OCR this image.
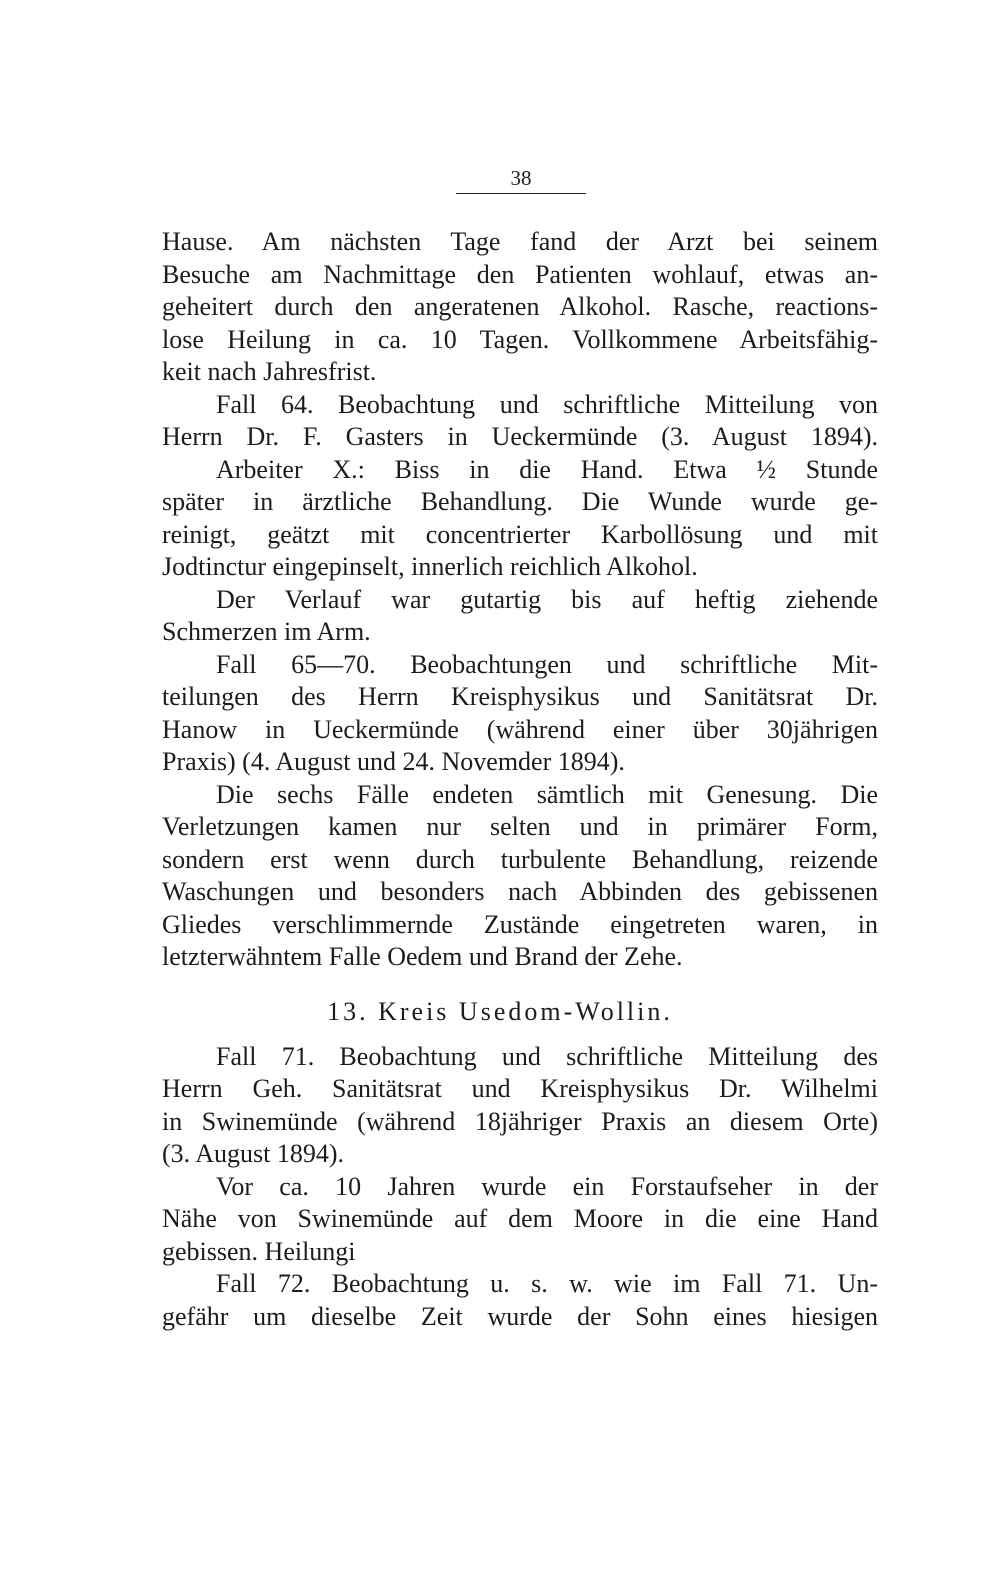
38
Hause. Am nächsten Tage fand der Arzt bei seinem
Besuche am Nachmittage den Patienten wohlauf, etwas an-
geheitert durch den angeratenen Alkohol. Rasche, reactions-
lose Heilung in ca. 10 Tagen. Vollkommene Arbeitsfähig-
keit nach Jahresfrist.
Fall 64. Beobachtung und schriftliche Mitteilung von
Herrn Dr. F. Gasters in Ueckermünde (3. August 1894).
Arbeiter X.: Biss in die Hand. Etwa ½ Stunde
später in ärztliche Behandlung. Die Wunde wurde ge-
reinigt, geätzt mit concentrierter Karbollösung und mit
Jodtinctur eingepinselt, innerlich reichlich Alkohol.
Der Verlauf war gutartig bis auf heftig ziehende
Schmerzen im Arm.
Fall 65—70. Beobachtungen und schriftliche Mit-
teilungen des Herrn Kreisphysikus und Sanitätsrat Dr.
Hanow in Ueckermünde (während einer über 30jährigen
Praxis) (4. August und 24. Novemder 1894).
Die sechs Fälle endeten sämtlich mit Genesung. Die
Verletzungen kamen nur selten und in primärer Form,
sondern erst wenn durch turbulente Behandlung, reizende
Waschungen und besonders nach Abbinden des gebissenen
Gliedes verschlimmernde Zustände eingetreten waren, in
letzterwähntem Falle Oedem und Brand der Zehe.
13. Kreis Usedom-Wollin.
Fall 71. Beobachtung und schriftliche Mitteilung des
Herrn Geh. Sanitätsrat und Kreisphysikus Dr. Wilhelmi
in Swinemünde (während 18jähriger Praxis an diesem Orte)
(3. August 1894).
Vor ca. 10 Jahren wurde ein Forstaufseher in der
Nähe von Swinemünde auf dem Moore in die eine Hand
gebissen. Heilungi
Fall 72. Beobachtung u. s. w. wie im Fall 71. Un-
gefähr um dieselbe Zeit wurde der Sohn eines hiesigen
